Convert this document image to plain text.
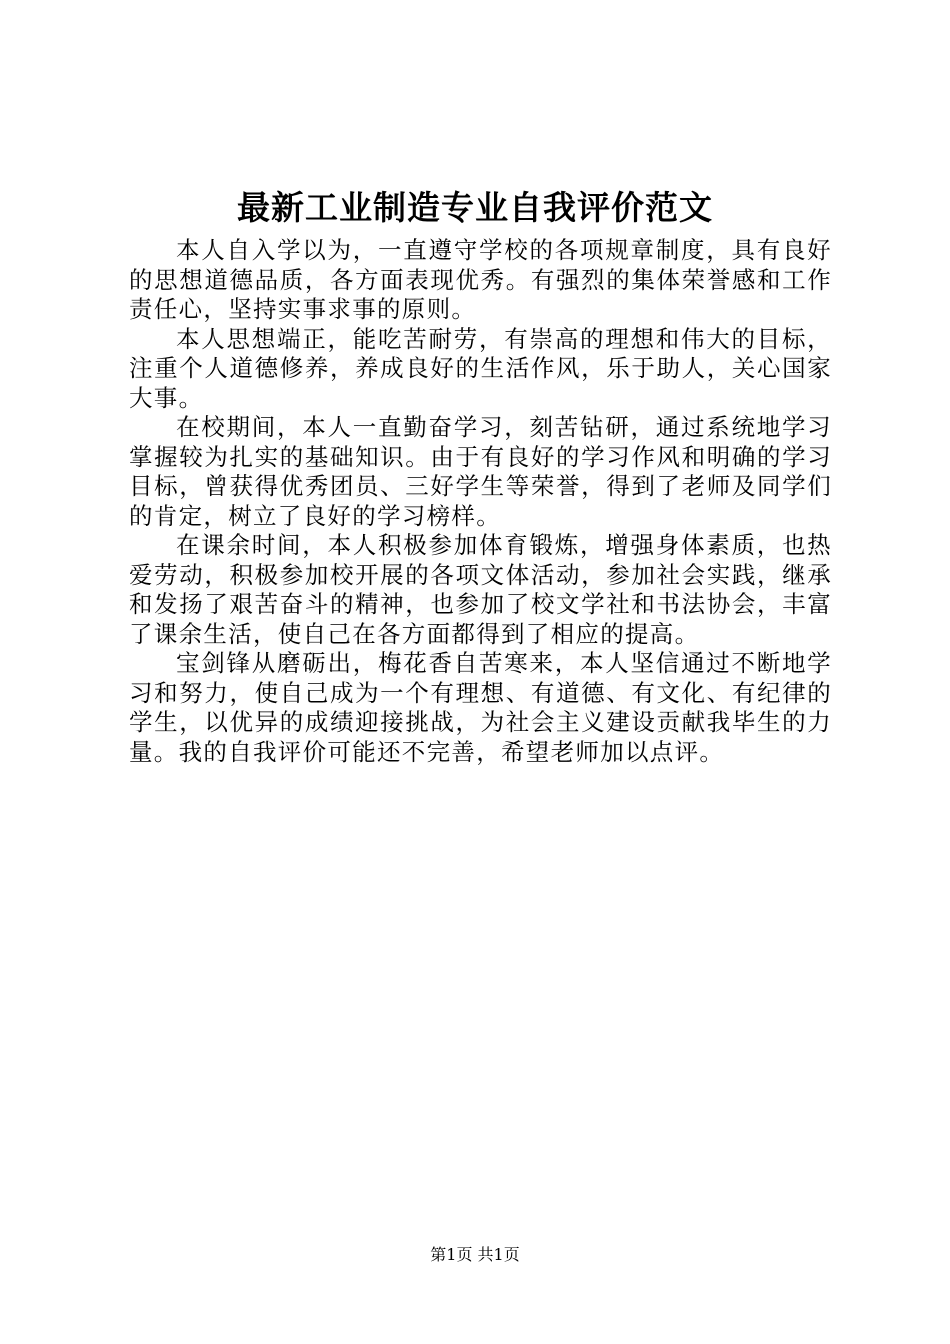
最新工业制造专业自我评价范文

本人自入学以为，一直遵守学校的各项规章制度，具有良好的思想道德品质，各方面表现优秀。有强烈的集体荣誉感和工作责任心，坚持实事求事的原则。

本人思想端正，能吃苦耐劳，有崇高的理想和伟大的目标，注重个人道德修养，养成良好的生活作风，乐于助人，关心国家大事。

在校期间，本人一直勤奋学习，刻苦钻研，通过系统地学习掌握较为扎实的基础知识。由于有良好的学习作风和明确的学习目标，曾获得优秀团员、三好学生等荣誉，得到了老师及同学们的肯定，树立了良好的学习榜样。

在课余时间，本人积极参加体育锻炼，增强身体素质，也热爱劳动，积极参加校开展的各项文体活动，参加社会实践，继承和发扬了艰苦奋斗的精神，也参加了校文学社和书法协会，丰富了课余生活，使自己在各方面都得到了相应的提高。

宝剑锋从磨砺出，梅花香自苦寒来，本人坚信通过不断地学习和努力，使自己成为一个有理想、有道德、有文化、有纪律的学生，以优异的成绩迎接挑战，为社会主义建设贡献我毕生的力量。我的自我评价可能还不完善，希望老师加以点评。

第1页 共1页
